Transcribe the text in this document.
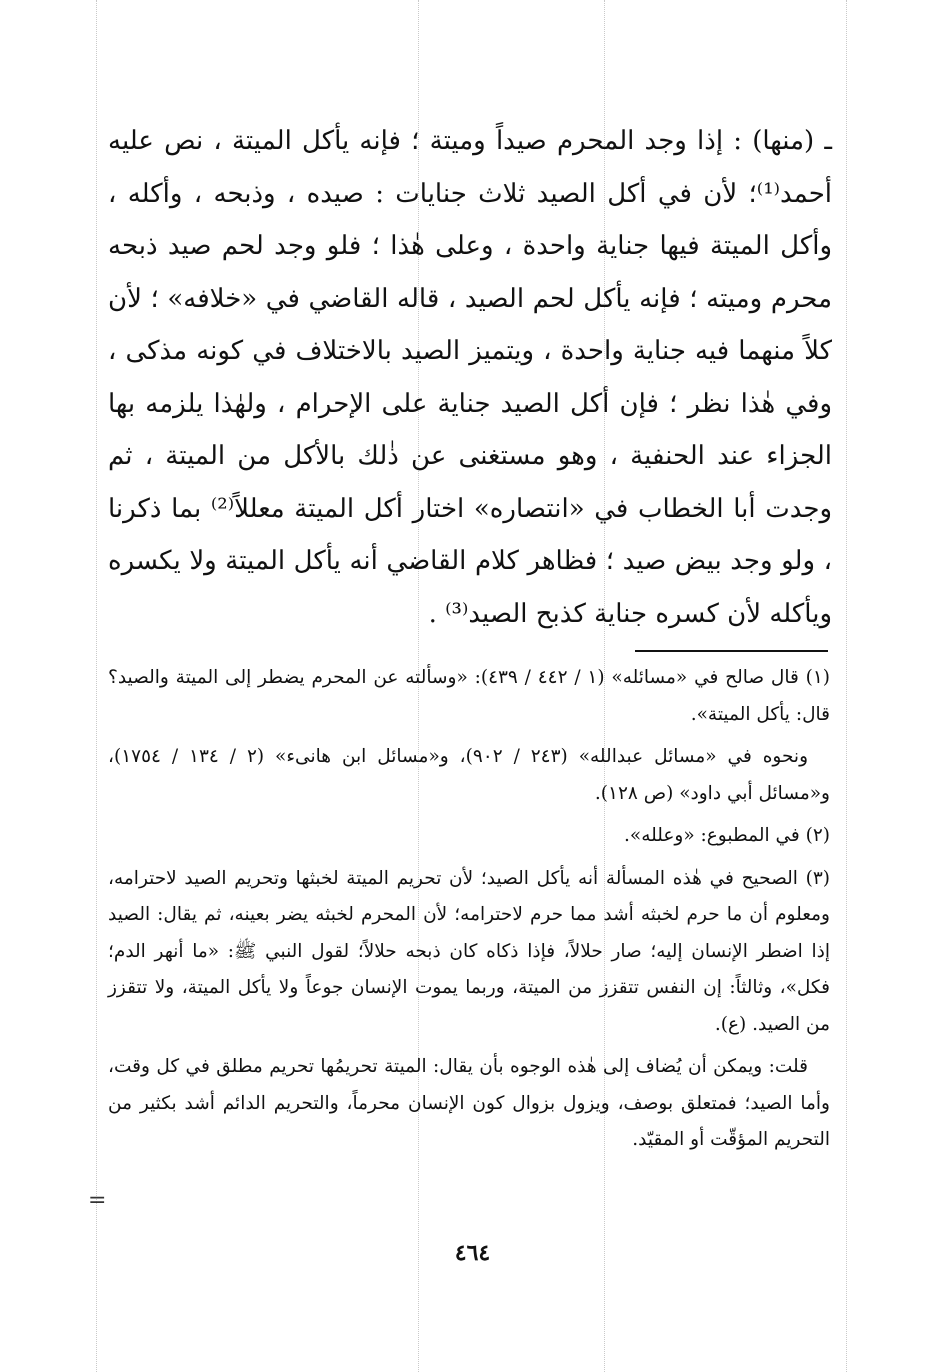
ـ (منها) : إذا وجد المحرم صيداً وميتة ؛ فإنه يأكل الميتة ، نص عليه أحمد⁽¹⁾؛ لأن في أكل الصيد ثلاث جنايات : صيده ، وذبحه ، وأكله ، وأكل الميتة فيها جناية واحدة ، وعلى هٰذا ؛ فلو وجد لحم صيد ذبحه محرم وميته ؛ فإنه يأكل لحم الصيد ، قاله القاضي في «خلافه» ؛ لأن كلاً منهما فيه جناية واحدة ، ويتميز الصيد بالاختلاف في كونه مذكى ، وفي هٰذا نظر ؛ فإن أكل الصيد جناية على الإحرام ، ولهٰذا يلزمه بها الجزاء عند الحنفية ، وهو مستغنى عن ذٰلك بالأكل من الميتة ، ثم وجدت أبا الخطاب في «انتصاره» اختار أكل الميتة معللاً⁽²⁾ بما ذكرنا ، ولو وجد بيض صيد ؛ فظاهر كلام القاضي أنه يأكل الميتة ولا يكسره ويأكله لأن كسره جناية كذبح الصيد⁽³⁾ .

(١) قال صالح في «مسائله» (١ / ٤٤٢ / ٤٣٩): «وسألته عن المحرم يضطر إلى الميتة والصيد؟ قال: يأكل الميتة».

ونحوه في «مسائل عبدالله» (٢٤٣ / ٩٠٢)، و«مسائل ابن هانىء» (٢ / ١٣٤ / ١٧٥٤)، و«مسائل أبي داود» (ص ١٢٨).

(٢) في المطبوع: «وعلله».

(٣) الصحيح في هٰذه المسألة أنه يأكل الصيد؛ لأن تحريم الميتة لخبثها وتحريم الصيد لاحترامه، ومعلوم أن ما حرم لخبثه أشد مما حرم لاحترامه؛ لأن المحرم لخبثه يضر بعينه، ثم يقال: الصيد إذا اضطر الإنسان إليه؛ صار حلالاً، فإذا ذكاه كان ذبحه حلالاً؛ لقول النبي ﷺ: «ما أنهر الدم؛ فكل»، وثالثاً: إن النفس تتقزز من الميتة، وربما يموت الإنسان جوعاً ولا يأكل الميتة، ولا تتقزز من الصيد. (ع).

قلت: ويمكن أن يُضاف إلى هٰذه الوجوه بأن يقال: الميتة تحريمُها تحريم مطلق في كل وقت، وأما الصيد؛ فمتعلق بوصف، ويزول بزوال كون الإنسان محرماً، والتحريم الدائم أشد بكثير من التحريم المؤقّت أو المقيّد.

=
٤٦٤
